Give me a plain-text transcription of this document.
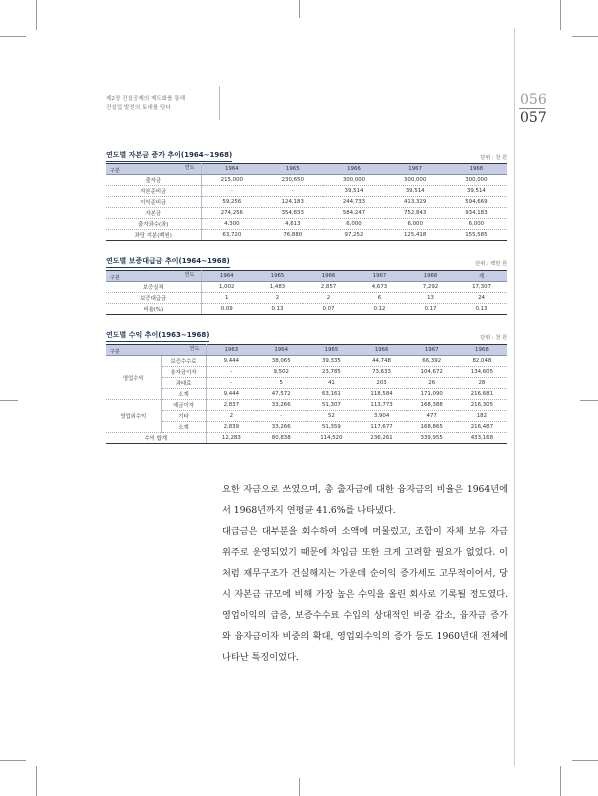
제2장 건설공제의 제도화를 통해
건설업 발전의 토대를 닦다	056
057
연도별 자본금 증가 추이(1964~1968)	단위 : 천 원
연도
구분	1964	1965	1966	1967	1968
출자금	215,000	230,650	300,000	300,000	300,000
자본준비금	-	-	39,514	39,514	39,514
이익준비금	59,256	124,183	244,733	413,329	594,669
자본금	274,256	354,833	584,247	752,843	934,183
출자좌수(좌)	4,300	4,613	6,000	6,000	6,000
좌당 지분(백원)	63,720	76,880	97,252	125,418	155,585
연도별 보증대급금 추이(1964~1968)	단위 : 백만 원
연도
구분	1964	1965	1966	1967	1968	계
보증실적	1,002	1,483	2,857	4,673	7,292	17,307
보증대급금	1	2	2	6	13	24
비율(%)	0.09	0.13	0.07	0.12	0.17	0.13
연도별 수익 추이(1963~1968)	단위 : 천 원
연도
구분		1963	1964	1965	1966	1967	1968
영업수익	보증수수료	9,444	38,065	39,335	44,748	66,392	82,048
	융자금이자	-	9,502	23,785	73,633	104,672	134,605
	과태료	-	5	41	203	26	28
	소계	9,444	47,572	63,161	118,584	171,090	216,681
영업외수익	예금이자	2,837	33,266	51,307	113,773	168,388	216,305
	기타	2	-	52	3,904	477	182
	소계	2,839	33,266	51,359	117,677	168,865	216,487
수익 합계		12,283	80,838	114,520	236,261	339,955	433,168

요한 자금으로 쓰였으며, 총 출자금에 대한 융자금의 비율은 1964년에서 1968년까지 연평균 41.6%를 나타냈다.

대급금은 대부분을 회수하여 소액에 머물렀고, 조합이 자체 보유 자금 위주로 운영되었기 때문에 차입금 또한 크게 고려할 필요가 없었다. 이처럼 재무구조가 건실해지는 가운데 순이익 증가세도 고무적이어서, 당시 자본금 규모에 비해 가장 높은 수익을 올린 회사로 기록될 정도였다. 영업이익의 급증, 보증수수료 수입의 상대적인 비중 감소, 융자금 증가와 융자금이자 비중의 확대, 영업외수익의 증가 등도 1960년대 전체에 나타난 특징이었다.
